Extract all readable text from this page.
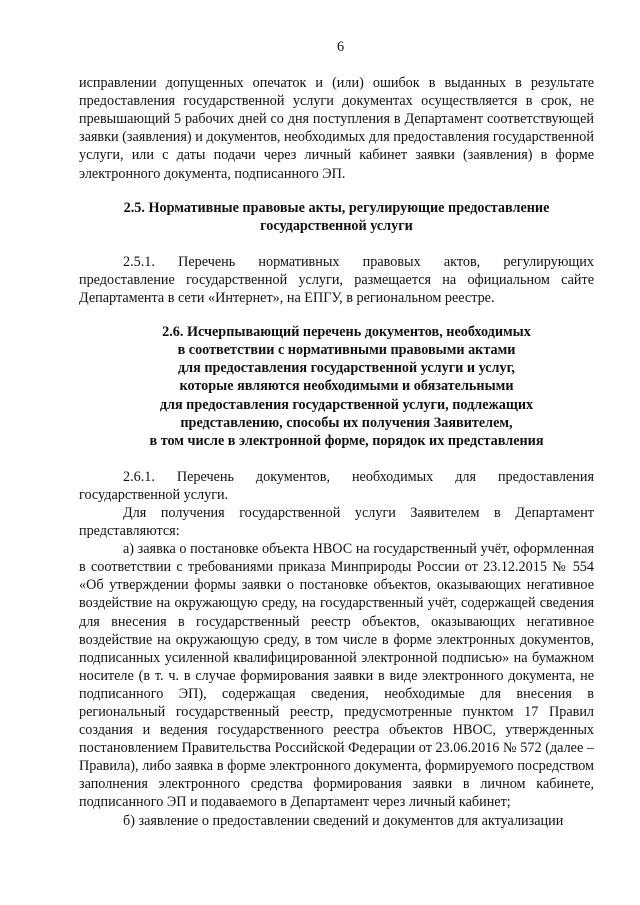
6

исправлении допущенных опечаток и (или) ошибок в выданных в результате предоставления государственной услуги документах осуществляется в срок, не превышающий 5 рабочих дней со дня поступления в Департамент соответствующей заявки (заявления) и документов, необходимых для предоставления государственной услуги, или с даты подачи через личный кабинет заявки (заявления) в форме электронного документа, подписанного ЭП.

2.5. Нормативные правовые акты, регулирующие предоставление государственной услуги

2.5.1. Перечень нормативных правовых актов, регулирующих предоставление государственной услуги, размещается на официальном сайте Департамента в сети «Интернет», на ЕПГУ, в региональном реестре.

2.6. Исчерпывающий перечень документов, необходимых
в соответствии с нормативными правовыми актами
для предоставления государственной услуги и услуг,
которые являются необходимыми и обязательными
для предоставления государственной услуги, подлежащих
представлению, способы их получения Заявителем,
в том числе в электронной форме, порядок их представления

2.6.1. Перечень документов, необходимых для предоставления государственной услуги.

Для получения государственной услуги Заявителем в Департамент представляются:

а) заявка о постановке объекта НВОС на государственный учёт, оформленная в соответствии с требованиями приказа Минприроды России от 23.12.2015 № 554 «Об утверждении формы заявки о постановке объектов, оказывающих негативное воздействие на окружающую среду, на государственный учёт, содержащей сведения для внесения в государственный реестр объектов, оказывающих негативное воздействие на окружающую среду, в том числе в форме электронных документов, подписанных усиленной квалифицированной электронной подписью» на бумажном носителе (в т. ч. в случае формирования заявки в виде электронного документа, не подписанного ЭП), содержащая сведения, необходимые для внесения в региональный государственный реестр, предусмотренные пунктом 17 Правил создания и ведения государственного реестра объектов НВОС, утвержденных постановлением Правительства Российской Федерации от 23.06.2016 № 572 (далее – Правила), либо заявка в форме электронного документа, формируемого посредством заполнения электронного средства формирования заявки в личном кабинете, подписанного ЭП и подаваемого в Департамент через личный кабинет;

б) заявление о предоставлении сведений и документов для актуализации
